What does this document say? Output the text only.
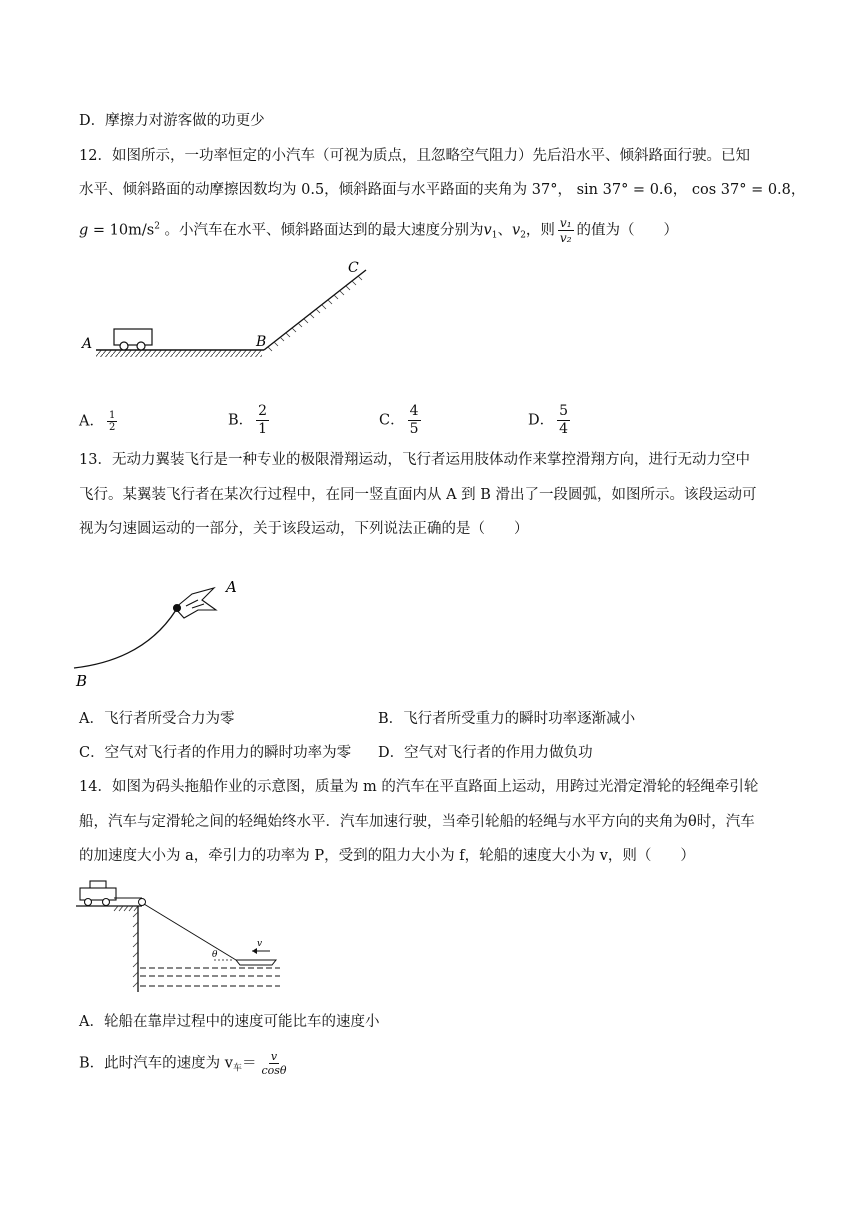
D．摩擦力对游客做的功更少
12．如图所示，一功率恒定的小汽车（可视为质点，且忽略空气阻力）先后沿水平、倾斜路面行驶。已知
水平、倾斜路面的动摩擦因数均为 0.5，倾斜路面与水平路面的夹角为 37°， sin 37° = 0.6， cos 37° = 0.8，
$g = 10m/s^2$ 。小汽车在水平、倾斜路面达到的最大速度分别为$v_1$、$v_2$，则 $\frac{\text{v₁}}{\text{v₂}}$ 的值为（　　）
A	B
C
A． $\frac{1}{2}$	B． $\frac{2}{1}$	C． $\frac{4}{5}$	D． $\frac{5}{4}$
13．无动力翼装飞行是一种专业的极限滑翔运动，飞行者运用肢体动作来掌控滑翔方向，进行无动力空中
飞行。某翼装飞行者在某次行过程中，在同一竖直面内从 A 到 B 滑出了一段圆弧，如图所示。该段运动可
视为匀速圆运动的一部分，关于该段运动，下列说法正确的是（　　）
A
B
A．飞行者所受合力为零	B．飞行者所受重力的瞬时功率逐渐减小
C．空气对飞行者的作用力的瞬时功率为零 D．空气对飞行者的作用力做负功
14．如图为码头拖船作业的示意图，质量为 m 的汽车在平直路面上运动，用跨过光滑定滑轮的轻绳牵引轮
船，汽车与定滑轮之间的轻绳始终水平．汽车加速行驶，当牵引轮船的轻绳与水平方向的夹角为θ时，汽车
的加速度大小为 a，牵引力的功率为 P，受到的阻力大小为 f，轮船的速度大小为 v，则（　　）
v
θ
A．轮船在靠岸过程中的速度可能比车的速度小
B．此时汽车的速度为 $v_车= \frac{v}{\cos\theta}$
